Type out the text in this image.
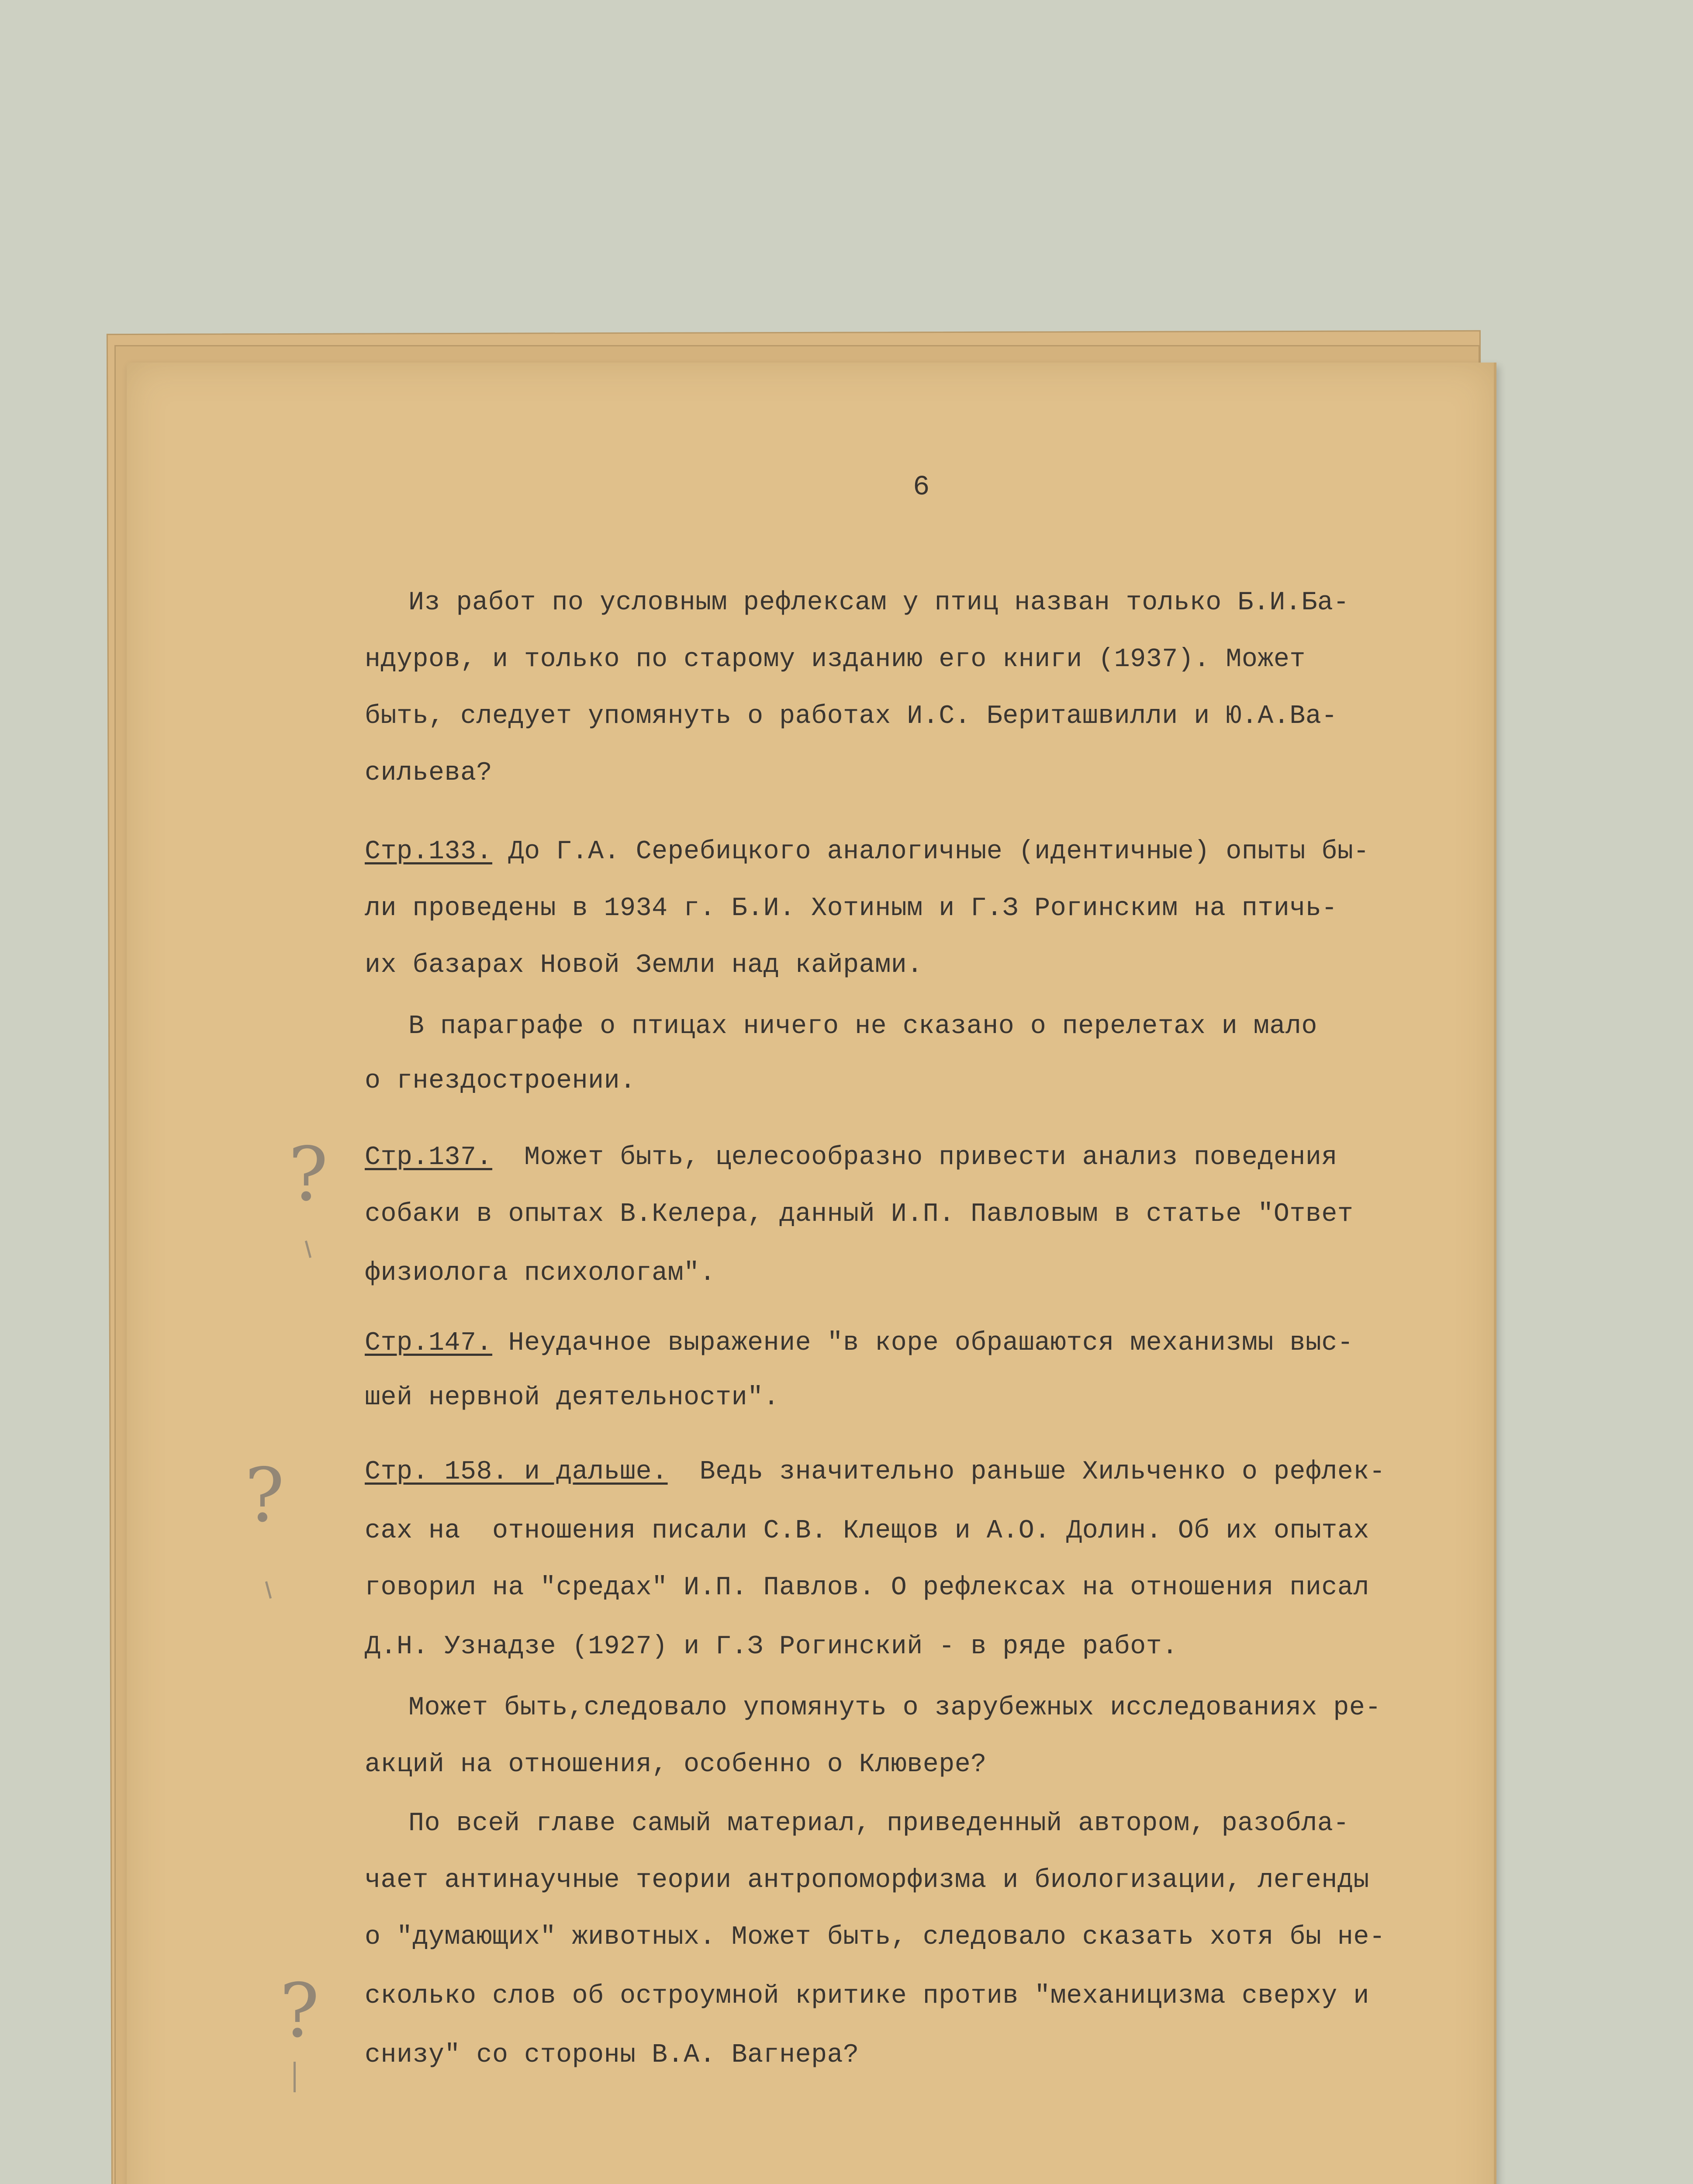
6

Из работ по условным рефлексам у птиц назван только Б.И.Ба-

ндуров, и только по старому изданию его книги (1937). Может

быть, следует упомянуть о работах И.С. Бериташвилли и Ю.А.Ва-

сильева?

Стр.133. До Г.А. Серебицкого аналогичные (идентичные) опыты бы-

ли проведены в 1934 г. Б.И. Хотиным и Г.З Рогинским на птичь-

их базарах Новой Земли над кайрами.

В параграфе о птицах ничего не сказано о перелетах и мало

о гнездостроении.

Стр.137. Может быть, целесообразно привести анализ поведения

собаки в опытах В.Келера, данный И.П. Павловым в статье "Ответ

физиолога психологам".

Стр.147. Неудачное выражение "в коре обрашаются механизмы выс-

шей нервной деятельности".

Стр. 158. и дальше. Ведь значительно раньше Хильченко о рефлек-

сах на  отношения писали С.В. Клещов и А.О. Долин. Об их опытах

говорил на "средах" И.П. Павлов. О рефлексах на отношения писал

Д.Н. Узнадзе (1927) и Г.З Рогинский - в ряде работ.

Может быть,следовало упомянуть о зарубежных исследованиях ре-

акций на отношения, особенно о Клювере?

По всей главе самый материал, приведенный автором, разобла-

чает антинаучные теории антропоморфизма и биологизации, легенды

о "думающих" животных. Может быть, следовало сказать хотя бы не-

сколько слов об остроумной критике против "механицизма сверху и

снизу" со стороны В.А. Вагнера?

?
?
?
